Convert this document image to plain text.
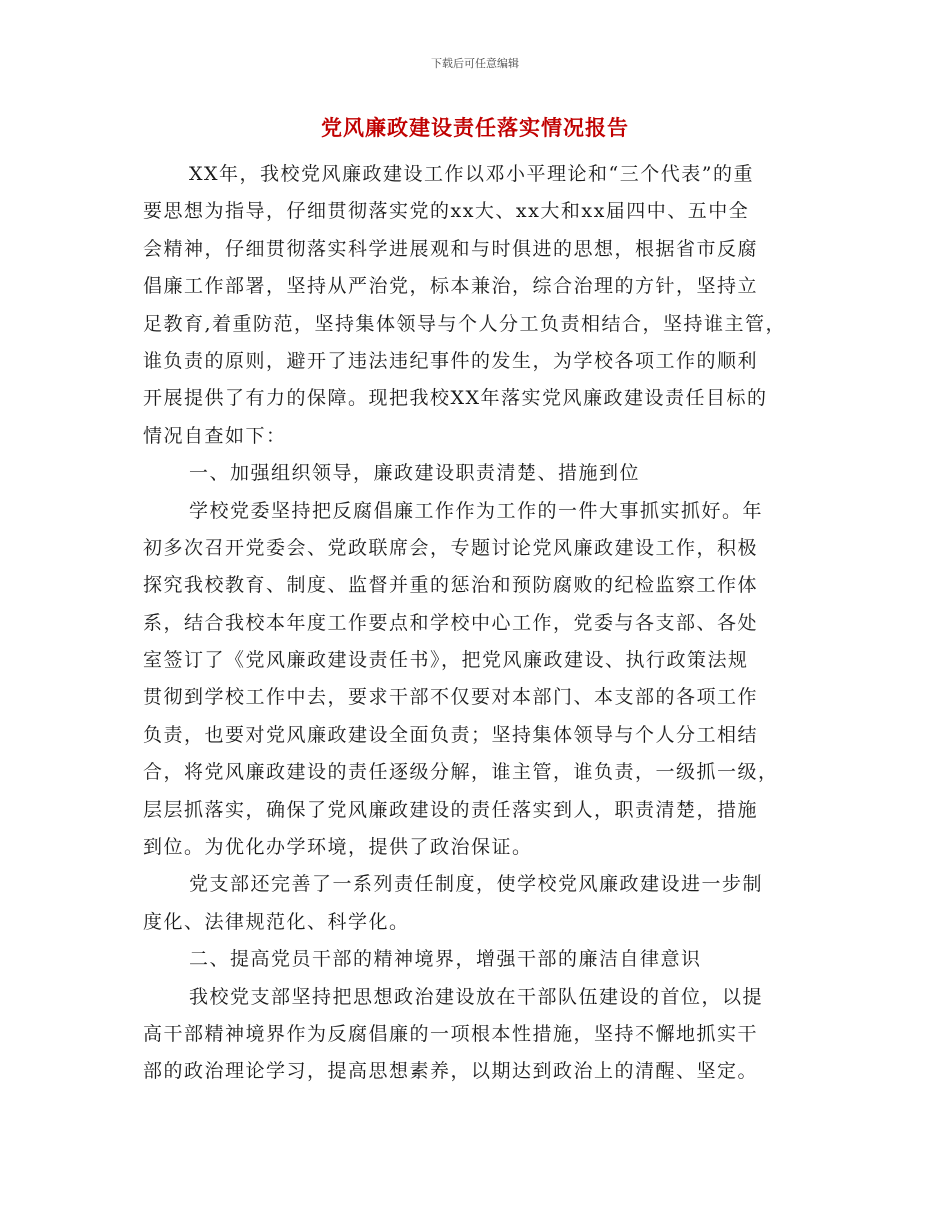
下载后可任意编辑
党风廉政建设责任落实情况报告
XX年，我校党风廉政建设工作以邓小平理论和“三个代表”的重
要思想为指导，仔细贯彻落实党的xx大、xx大和xx届四中、五中全
会精神，仔细贯彻落实科学进展观和与时俱进的思想，根据省市反腐
倡廉工作部署，坚持从严治党，标本兼治，综合治理的方针，坚持立
足教育,着重防范，坚持集体领导与个人分工负责相结合，坚持谁主管，
谁负责的原则，避开了违法违纪事件的发生，为学校各项工作的顺利
开展提供了有力的保障。现把我校XX年落实党风廉政建设责任目标的
情况自查如下：
一、加强组织领导，廉政建设职责清楚、措施到位
学校党委坚持把反腐倡廉工作作为工作的一件大事抓实抓好。年
初多次召开党委会、党政联席会，专题讨论党风廉政建设工作，积极
探究我校教育、制度、监督并重的惩治和预防腐败的纪检监察工作体
系，结合我校本年度工作要点和学校中心工作，党委与各支部、各处
室签订了《党风廉政建设责任书》，把党风廉政建设、执行政策法规
贯彻到学校工作中去，要求干部不仅要对本部门、本支部的各项工作
负责，也要对党风廉政建设全面负责；坚持集体领导与个人分工相结
合，将党风廉政建设的责任逐级分解，谁主管，谁负责，一级抓一级，
层层抓落实，确保了党风廉政建设的责任落实到人，职责清楚，措施
到位。为优化办学环境，提供了政治保证。
党支部还完善了一系列责任制度，使学校党风廉政建设进一步制
度化、法律规范化、科学化。
二、提高党员干部的精神境界，增强干部的廉洁自律意识
我校党支部坚持把思想政治建设放在干部队伍建设的首位，以提
高干部精神境界作为反腐倡廉的一项根本性措施，坚持不懈地抓实干
部的政治理论学习，提高思想素养，以期达到政治上的清醒、坚定。
